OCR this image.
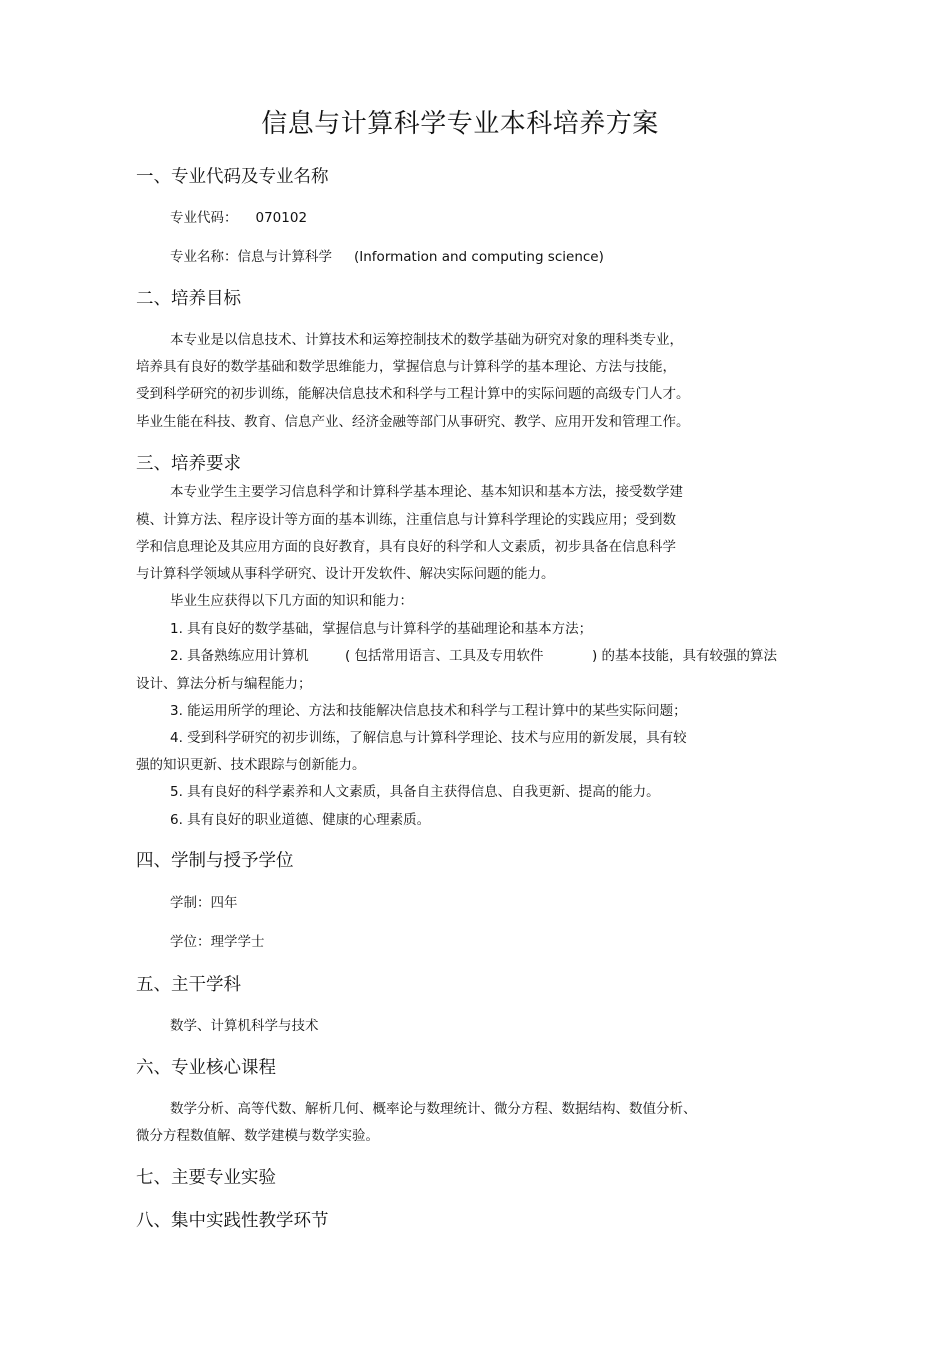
信息与计算科学专业本科培养方案
一、专业代码及专业名称
专业代码： 070102
专业名称：信息与计算科学 (Information and computing science)
二、培养目标
本专业是以信息技术、计算技术和运筹控制技术的数学基础为研究对象的理科类专业，
培养具有良好的数学基础和数学思维能力，掌握信息与计算科学的基本理论、方法与技能，
受到科学研究的初步训练，能解决信息技术和科学与工程计算中的实际问题的高级专门人才。
毕业生能在科技、教育、信息产业、经济金融等部门从事研究、教学、应用开发和管理工作。
三、培养要求
本专业学生主要学习信息科学和计算科学基本理论、基本知识和基本方法，接受数学建
模、计算方法、程序设计等方面的基本训练，注重信息与计算科学理论的实践应用；受到数
学和信息理论及其应用方面的良好教育，具有良好的科学和人文素质，初步具备在信息科学
与计算科学领域从事科学研究、设计开发软件、解决实际问题的能力。
毕业生应获得以下几方面的知识和能力：
1. 具有良好的数学基础，掌握信息与计算科学的基础理论和基本方法；
2. 具备熟练应用计算机	( 包括常用语言、工具及专用软件	) 的基本技能，具有较强的算法
设计、算法分析与编程能力；
3. 能运用所学的理论、方法和技能解决信息技术和科学与工程计算中的某些实际问题；
4. 受到科学研究的初步训练，了解信息与计算科学理论、技术与应用的新发展，具有较
强的知识更新、技术跟踪与创新能力。
5. 具有良好的科学素养和人文素质，具备自主获得信息、自我更新、提高的能力。
6. 具有良好的职业道德、健康的心理素质。
四、学制与授予学位
学制：四年
学位：理学学士
五、主干学科
数学、计算机科学与技术
六、专业核心课程
数学分析、高等代数、解析几何、概率论与数理统计、微分方程、数据结构、数值分析、
微分方程数值解、数学建模与数学实验。
七、主要专业实验
八、集中实践性教学环节
